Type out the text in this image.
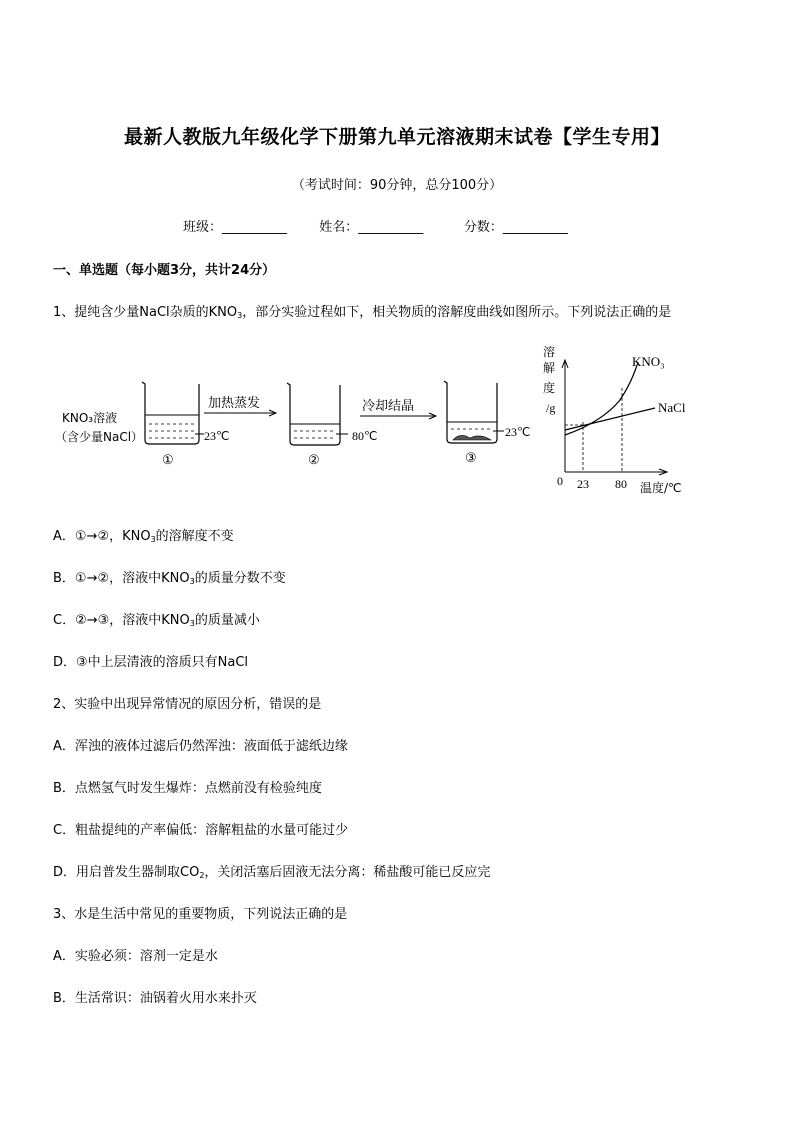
最新人教版九年级化学下册第九单元溶液期末试卷【学生专用】
（考试时间：90分钟，总分100分）
班级：__________ 姓名：__________	分数：__________
一、单选题（每小题3分，共计24分）
1、提纯含少量NaCl杂质的$KNO_3$，部分实验过程如下，相关物质的溶解度曲线如图所示。下列说法正确的是
KNO₃溶液
（含少量NaCl）	23℃
①
加热蒸发
80℃
②
冷却结晶
23℃
③
溶
解
度
/g
0 23 80 温度/℃
KNO₃
NaCl
A．①→②，$KNO_3$的溶解度不变
B．①→②，溶液中$KNO_3$的质量分数不变
C．②→③，溶液中$KNO_3$的质量减小
D．③中上层清液的溶质只有NaCl
2、实验中出现异常情况的原因分析，错误的是
A．浑浊的液体过滤后仍然浑浊：液面低于滤纸边缘
B．点燃氢气时发生爆炸：点燃前没有检验纯度
C．粗盐提纯的产率偏低：溶解粗盐的水量可能过少
D．用启普发生器制取$CO_2$，关闭活塞后固液无法分离：稀盐酸可能已反应完
3、水是生活中常见的重要物质，下列说法正确的是
A．实验必须：溶剂一定是水
B．生活常识：油锅着火用水来扑灭
